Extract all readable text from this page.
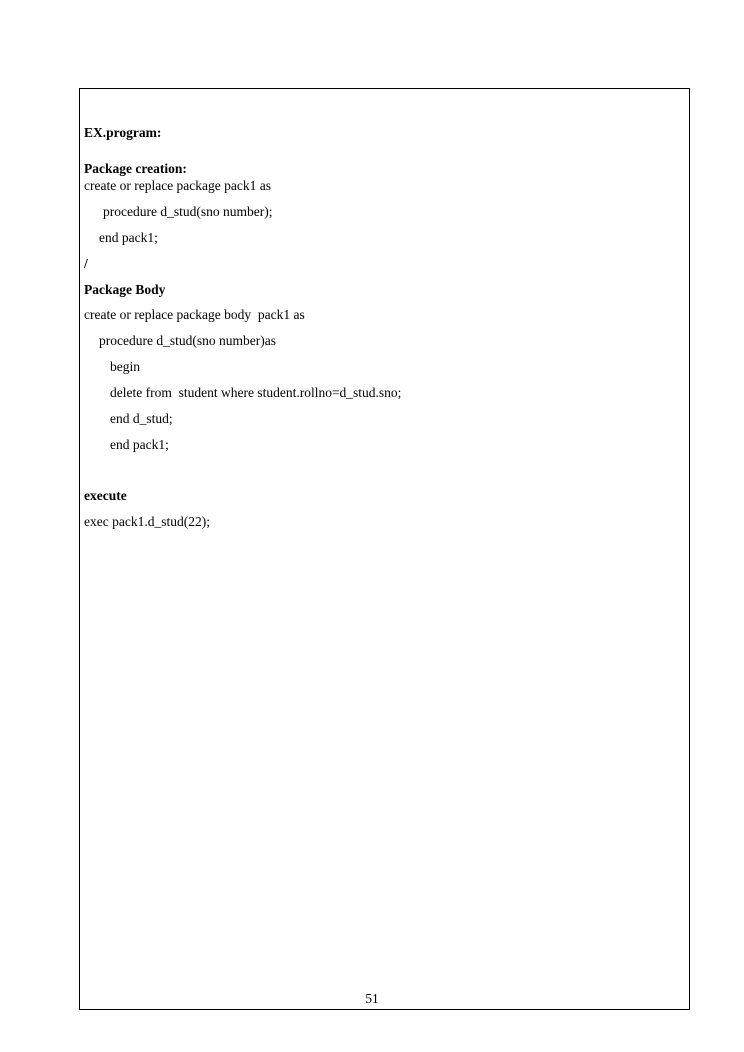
EX.program:
Package creation:
create or replace package pack1 as
procedure d_stud(sno number);
end pack1;
/
Package Body
create or replace package body  pack1 as
procedure d_stud(sno number)as
begin
delete from  student where student.rollno=d_stud.sno;
end d_stud;
end pack1;
execute
exec pack1.d_stud(22);
51
